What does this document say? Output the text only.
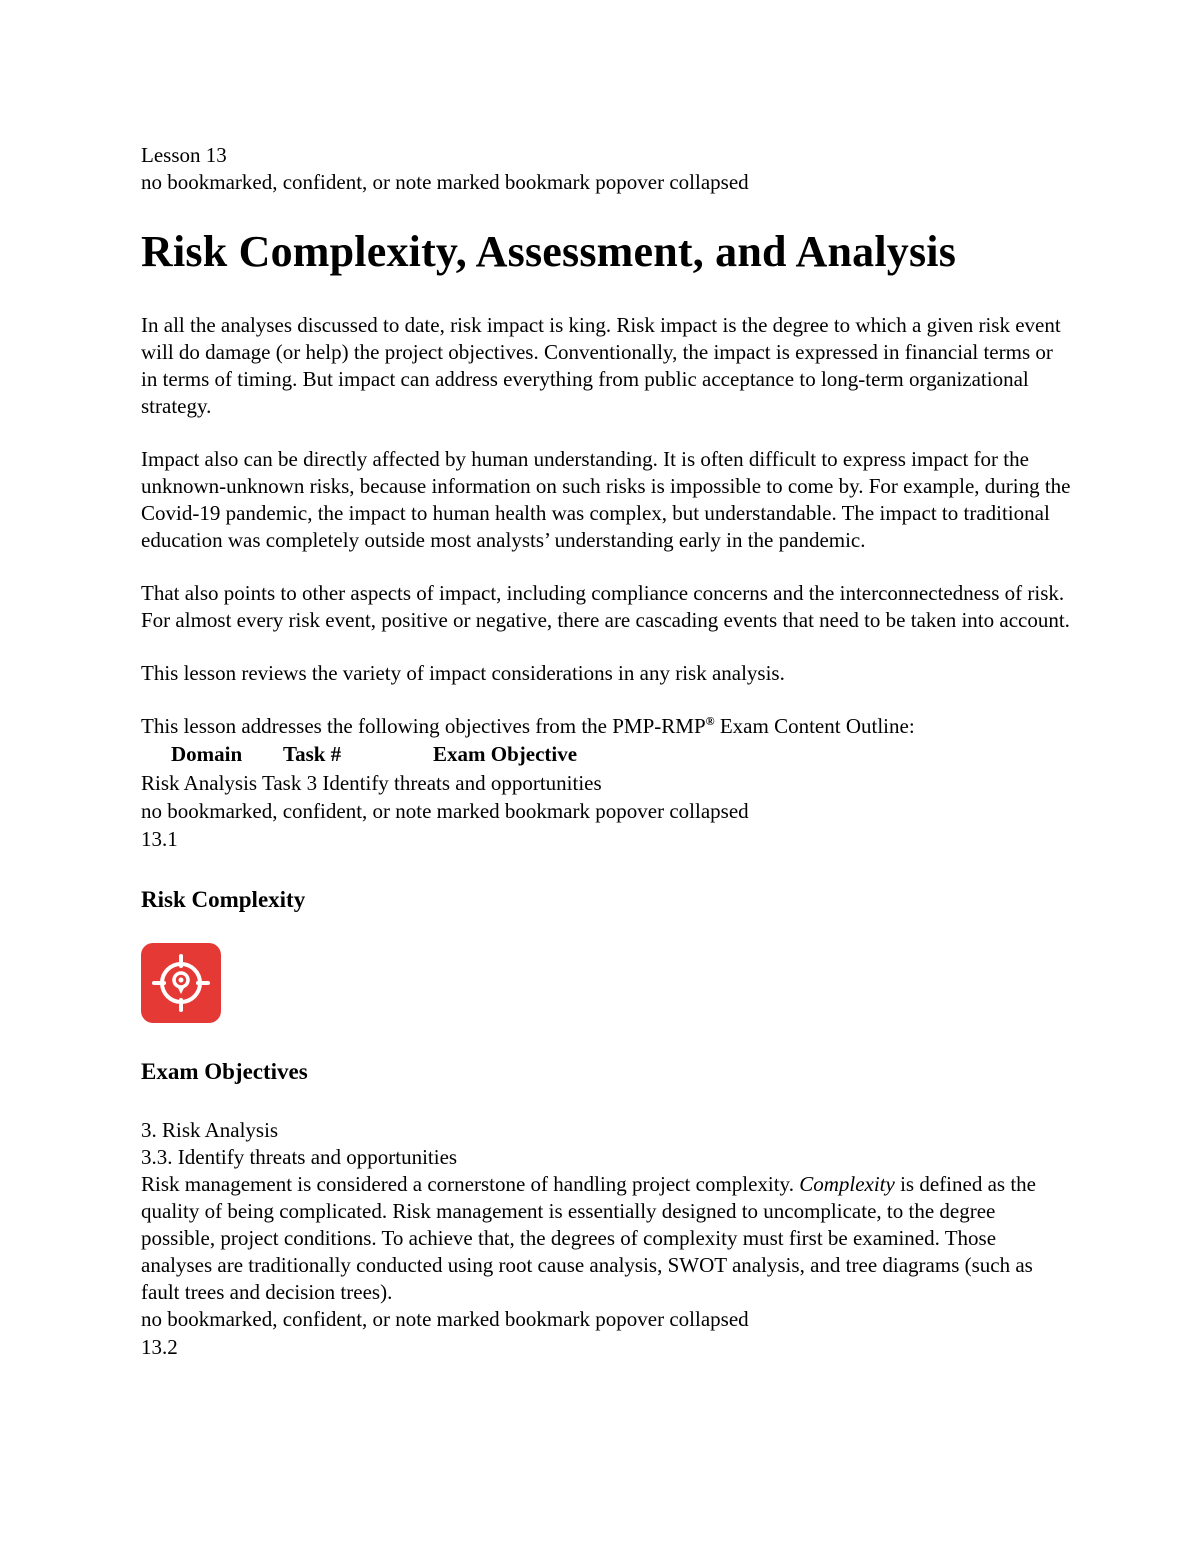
Lesson 13

no bookmarked, confident, or note marked bookmark popover collapsed

Risk Complexity, Assessment, and Analysis

In all the analyses discussed to date, risk impact is king. Risk impact is the degree to which a given risk event will do damage (or help) the project objectives. Conventionally, the impact is expressed in financial terms or in terms of timing. But impact can address everything from public acceptance to long-term organizational strategy.

Impact also can be directly affected by human understanding. It is often difficult to express impact for the unknown-unknown risks, because information on such risks is impossible to come by. For example, during the Covid-19 pandemic, the impact to human health was complex, but understandable. The impact to traditional education was completely outside most analysts’ understanding early in the pandemic.

That also points to other aspects of impact, including compliance concerns and the interconnectedness of risk. For almost every risk event, positive or negative, there are cascading events that need to be taken into account.

This lesson reviews the variety of impact considerations in any risk analysis.

This lesson addresses the following objectives from the PMP-RMP® Exam Content Outline:

Domain Task #	Exam Objective
Risk Analysis Task 3 Identify threats and opportunities

no bookmarked, confident, or note marked bookmark popover collapsed

13.1

Risk Complexity
Exam Objectives

3. Risk Analysis

3.3. Identify threats and opportunities

Risk management is considered a cornerstone of handling project complexity. Complexity is defined as the quality of being complicated. Risk management is essentially designed to uncomplicate, to the degree possible, project conditions. To achieve that, the degrees of complexity must first be examined. Those analyses are traditionally conducted using root cause analysis, SWOT analysis, and tree diagrams (such as fault trees and decision trees).

no bookmarked, confident, or note marked bookmark popover collapsed

13.2
